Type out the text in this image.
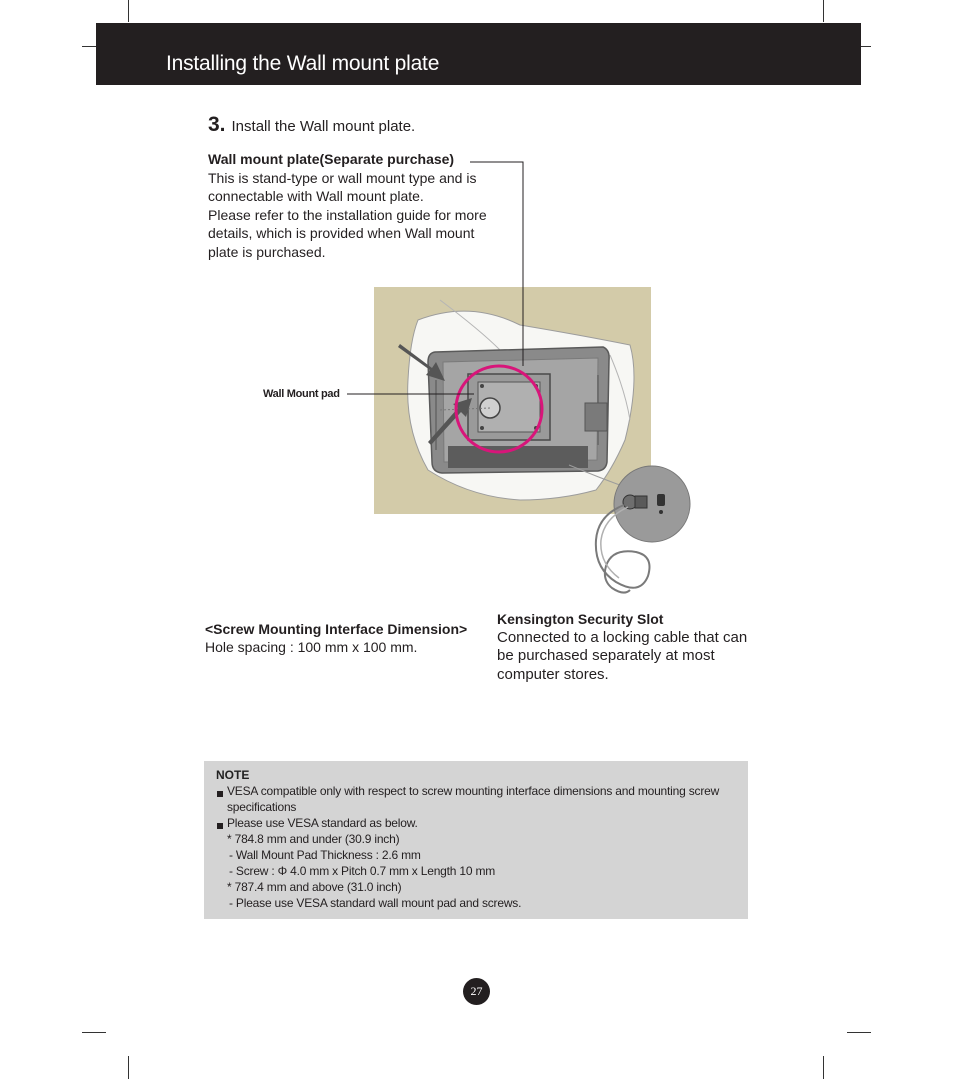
Installing the Wall mount plate
3. Install the Wall mount plate.
Wall mount plate(Separate purchase)
This is stand-type or wall mount type and is
connectable with Wall mount plate.
Please refer to the installation guide for more
details, which is provided when Wall mount
plate is purchased.
Wall Mount pad
<Screw Mounting Interface Dimension>
Hole spacing : 100 mm x 100 mm.
Kensington Security Slot
Connected to a locking cable that can
be purchased separately at most
computer stores.
NOTE
VESA compatible only with respect to screw mounting interface dimensions and mounting screw
specifications
Please use VESA standard as below.
* 784.8 mm and under (30.9 inch)
- Wall Mount Pad Thickness : 2.6 mm
- Screw : Φ 4.0 mm x Pitch 0.7 mm x Length 10 mm
* 787.4 mm and above (31.0 inch)
- Please use VESA standard wall mount pad and screws.
27
